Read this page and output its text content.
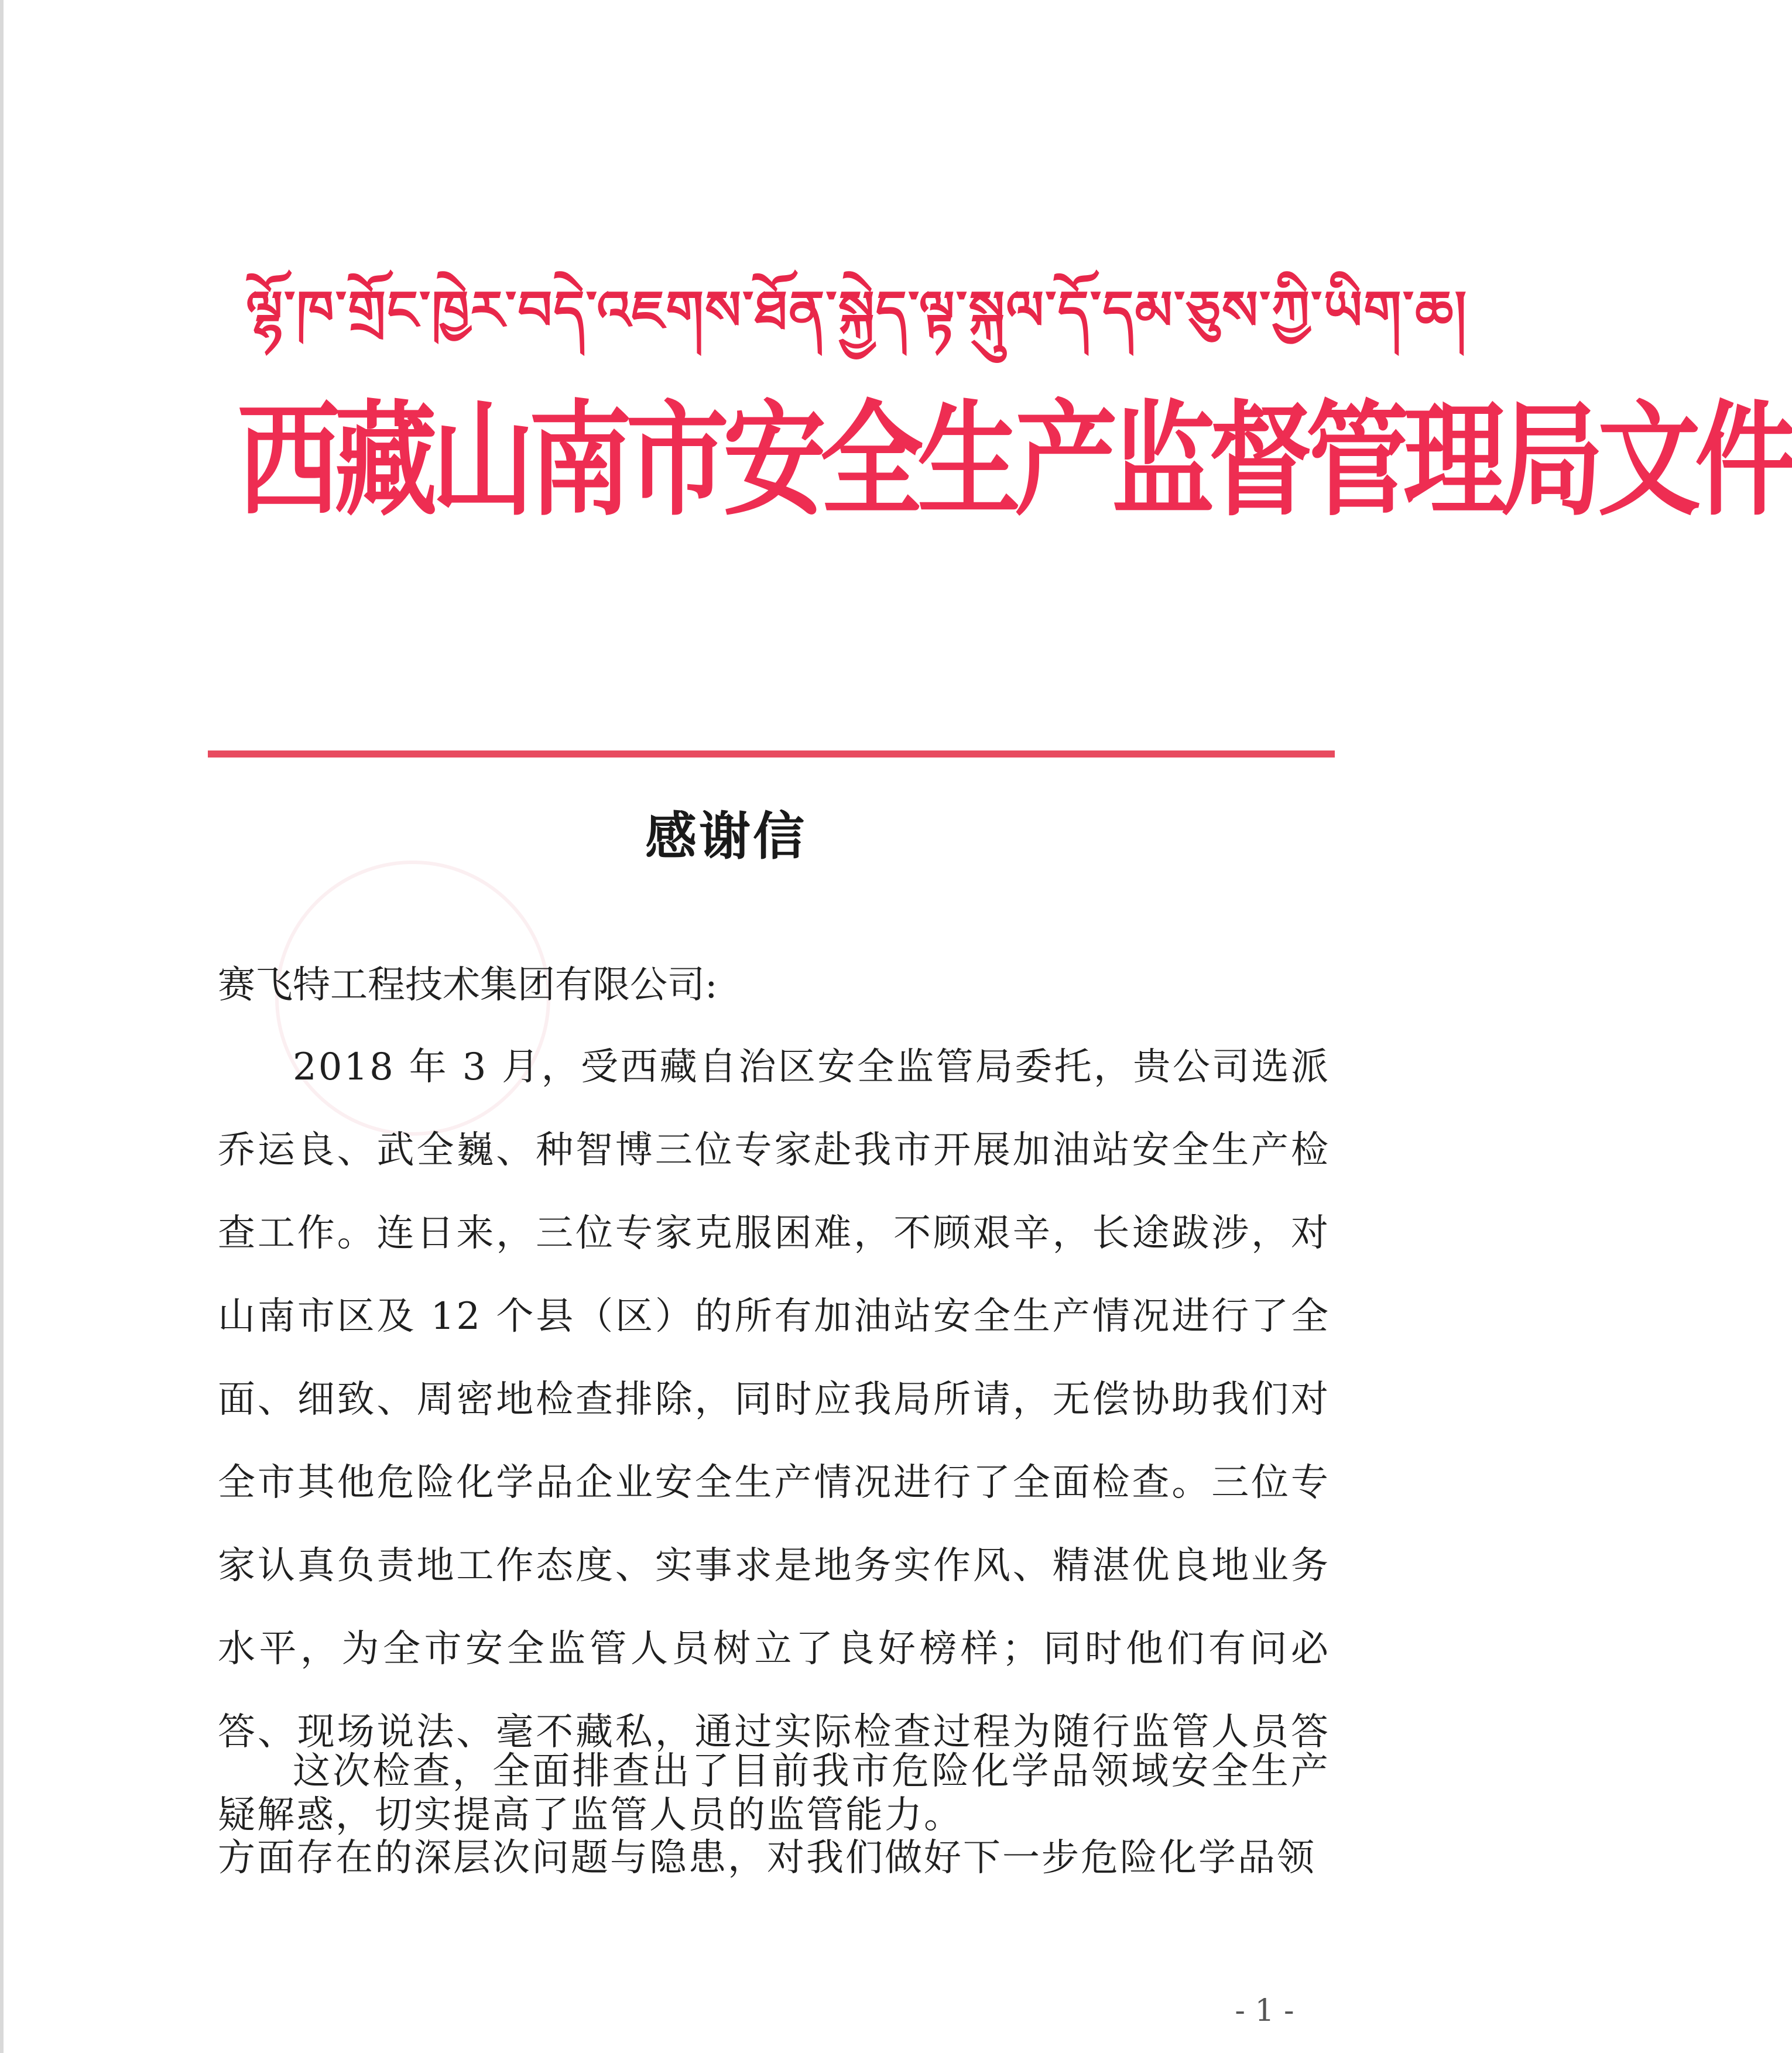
ལྷོ་ཁ་གྲོང་ཁྱེར་བདེ་འཇགས་ཐོན་སྐྱེད་ལྟ་སྐུལ་དོ་དམ་ཅུས་ཀྱི་ཡིག་ཆ།
西藏山南市安全生产监督管理局文件
感谢信
赛飞特工程技术集团有限公司:
2018 年 3 月，受西藏自治区安全监管局委托，贵公司选派乔运良、武全巍、种智博三位专家赴我市开展加油站安全生产检查工作。连日来，三位专家克服困难，不顾艰辛，长途跋涉，对山南市区及 12 个县（区）的所有加油站安全生产情况进行了全面、细致、周密地检查排除，同时应我局所请，无偿协助我们对全市其他危险化学品企业安全生产情况进行了全面检查。三位专家认真负责地工作态度、实事求是地务实作风、精湛优良地业务水平，为全市安全监管人员树立了良好榜样；同时他们有问必答、现场说法、毫不藏私，通过实际检查过程为随行监管人员答疑解惑，切实提高了监管人员的监管能力。
这次检查，全面排查出了目前我市危险化学品领域安全生产方面存在的深层次问题与隐患，对我们做好下一步危险化学品领
- 1 -
